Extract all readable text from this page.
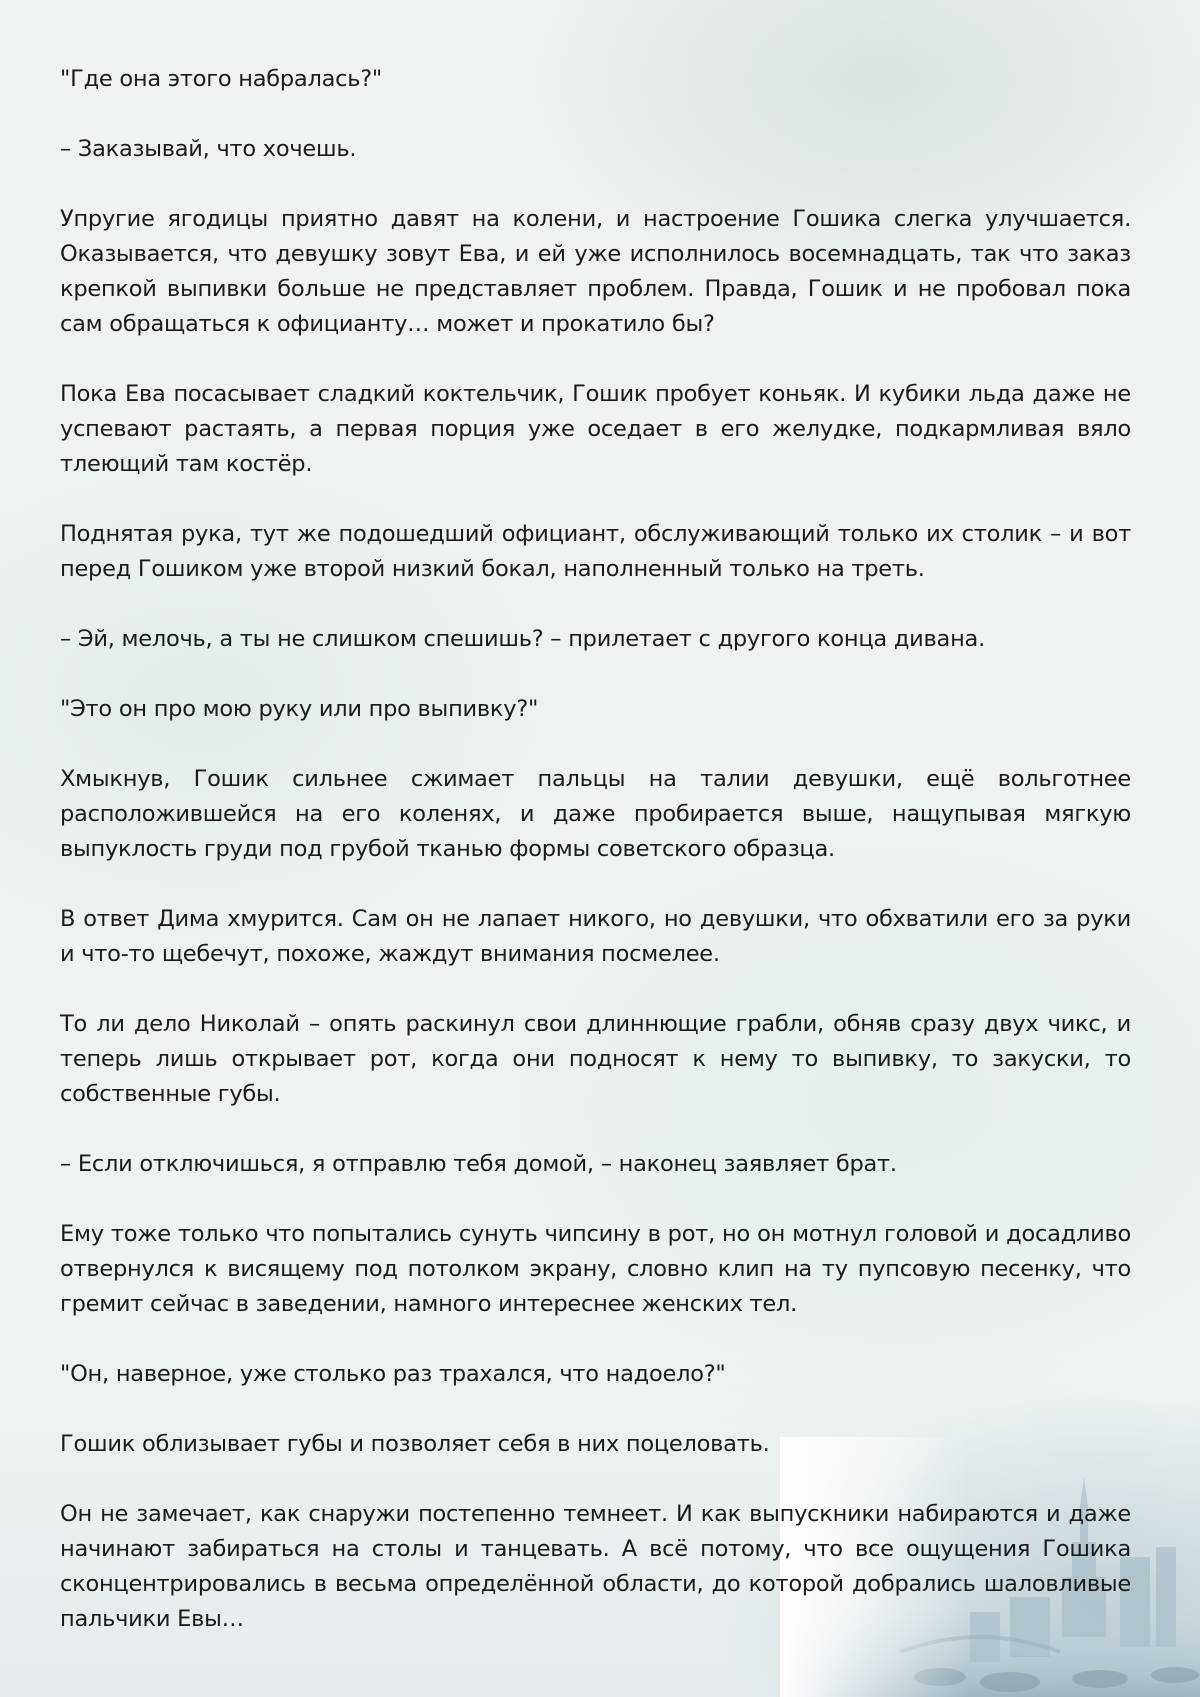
"Где она этого набралась?"

– Заказывай, что хочешь.

Упругие ягодицы приятно давят на колени, и настроение Гошика слегка улучшается. Оказывается, что девушку зовут Ева, и ей уже исполнилось восемнадцать, так что заказ крепкой выпивки больше не представляет проблем. Правда, Гошик и не пробовал пока сам обращаться к официанту… может и прокатило бы?

Пока Ева посасывает сладкий коктельчик, Гошик пробует коньяк. И кубики льда даже не успевают растаять, а первая порция уже оседает в его желудке, подкармливая вяло тлеющий там костёр.

Поднятая рука, тут же подошедший официант, обслуживающий только их столик – и вот перед Гошиком уже второй низкий бокал, наполненный только на треть.

– Эй, мелочь, а ты не слишком спешишь? – прилетает с другого конца дивана.

"Это он про мою руку или про выпивку?"

Хмыкнув, Гошик сильнее сжимает пальцы на талии девушки, ещё вольготнее расположившейся на его коленях, и даже пробирается выше, нащупывая мягкую выпуклость груди под грубой тканью формы советского образца.

В ответ Дима хмурится. Сам он не лапает никого, но девушки, что обхватили его за руки и что-то щебечут, похоже, жаждут внимания посмелее.

То ли дело Николай – опять раскинул свои длиннющие грабли, обняв сразу двух чикс, и теперь лишь открывает рот, когда они подносят к нему то выпивку, то закуски, то собственные губы.

– Если отключишься, я отправлю тебя домой, – наконец заявляет брат.

Ему тоже только что попытались сунуть чипсину в рот, но он мотнул головой и досадливо отвернулся к висящему под потолком экрану, словно клип на ту пупсовую песенку, что гремит сейчас в заведении, намного интереснее женских тел.

"Он, наверное, уже столько раз трахался, что надоело?"

Гошик облизывает губы и позволяет себя в них поцеловать.

Он не замечает, как снаружи постепенно темнеет. И как выпускники набираются и даже начинают забираться на столы и танцевать. А всё потому, что все ощущения Гошика сконцентрировались в весьма определённой области, до которой добрались шаловливые пальчики Евы…
